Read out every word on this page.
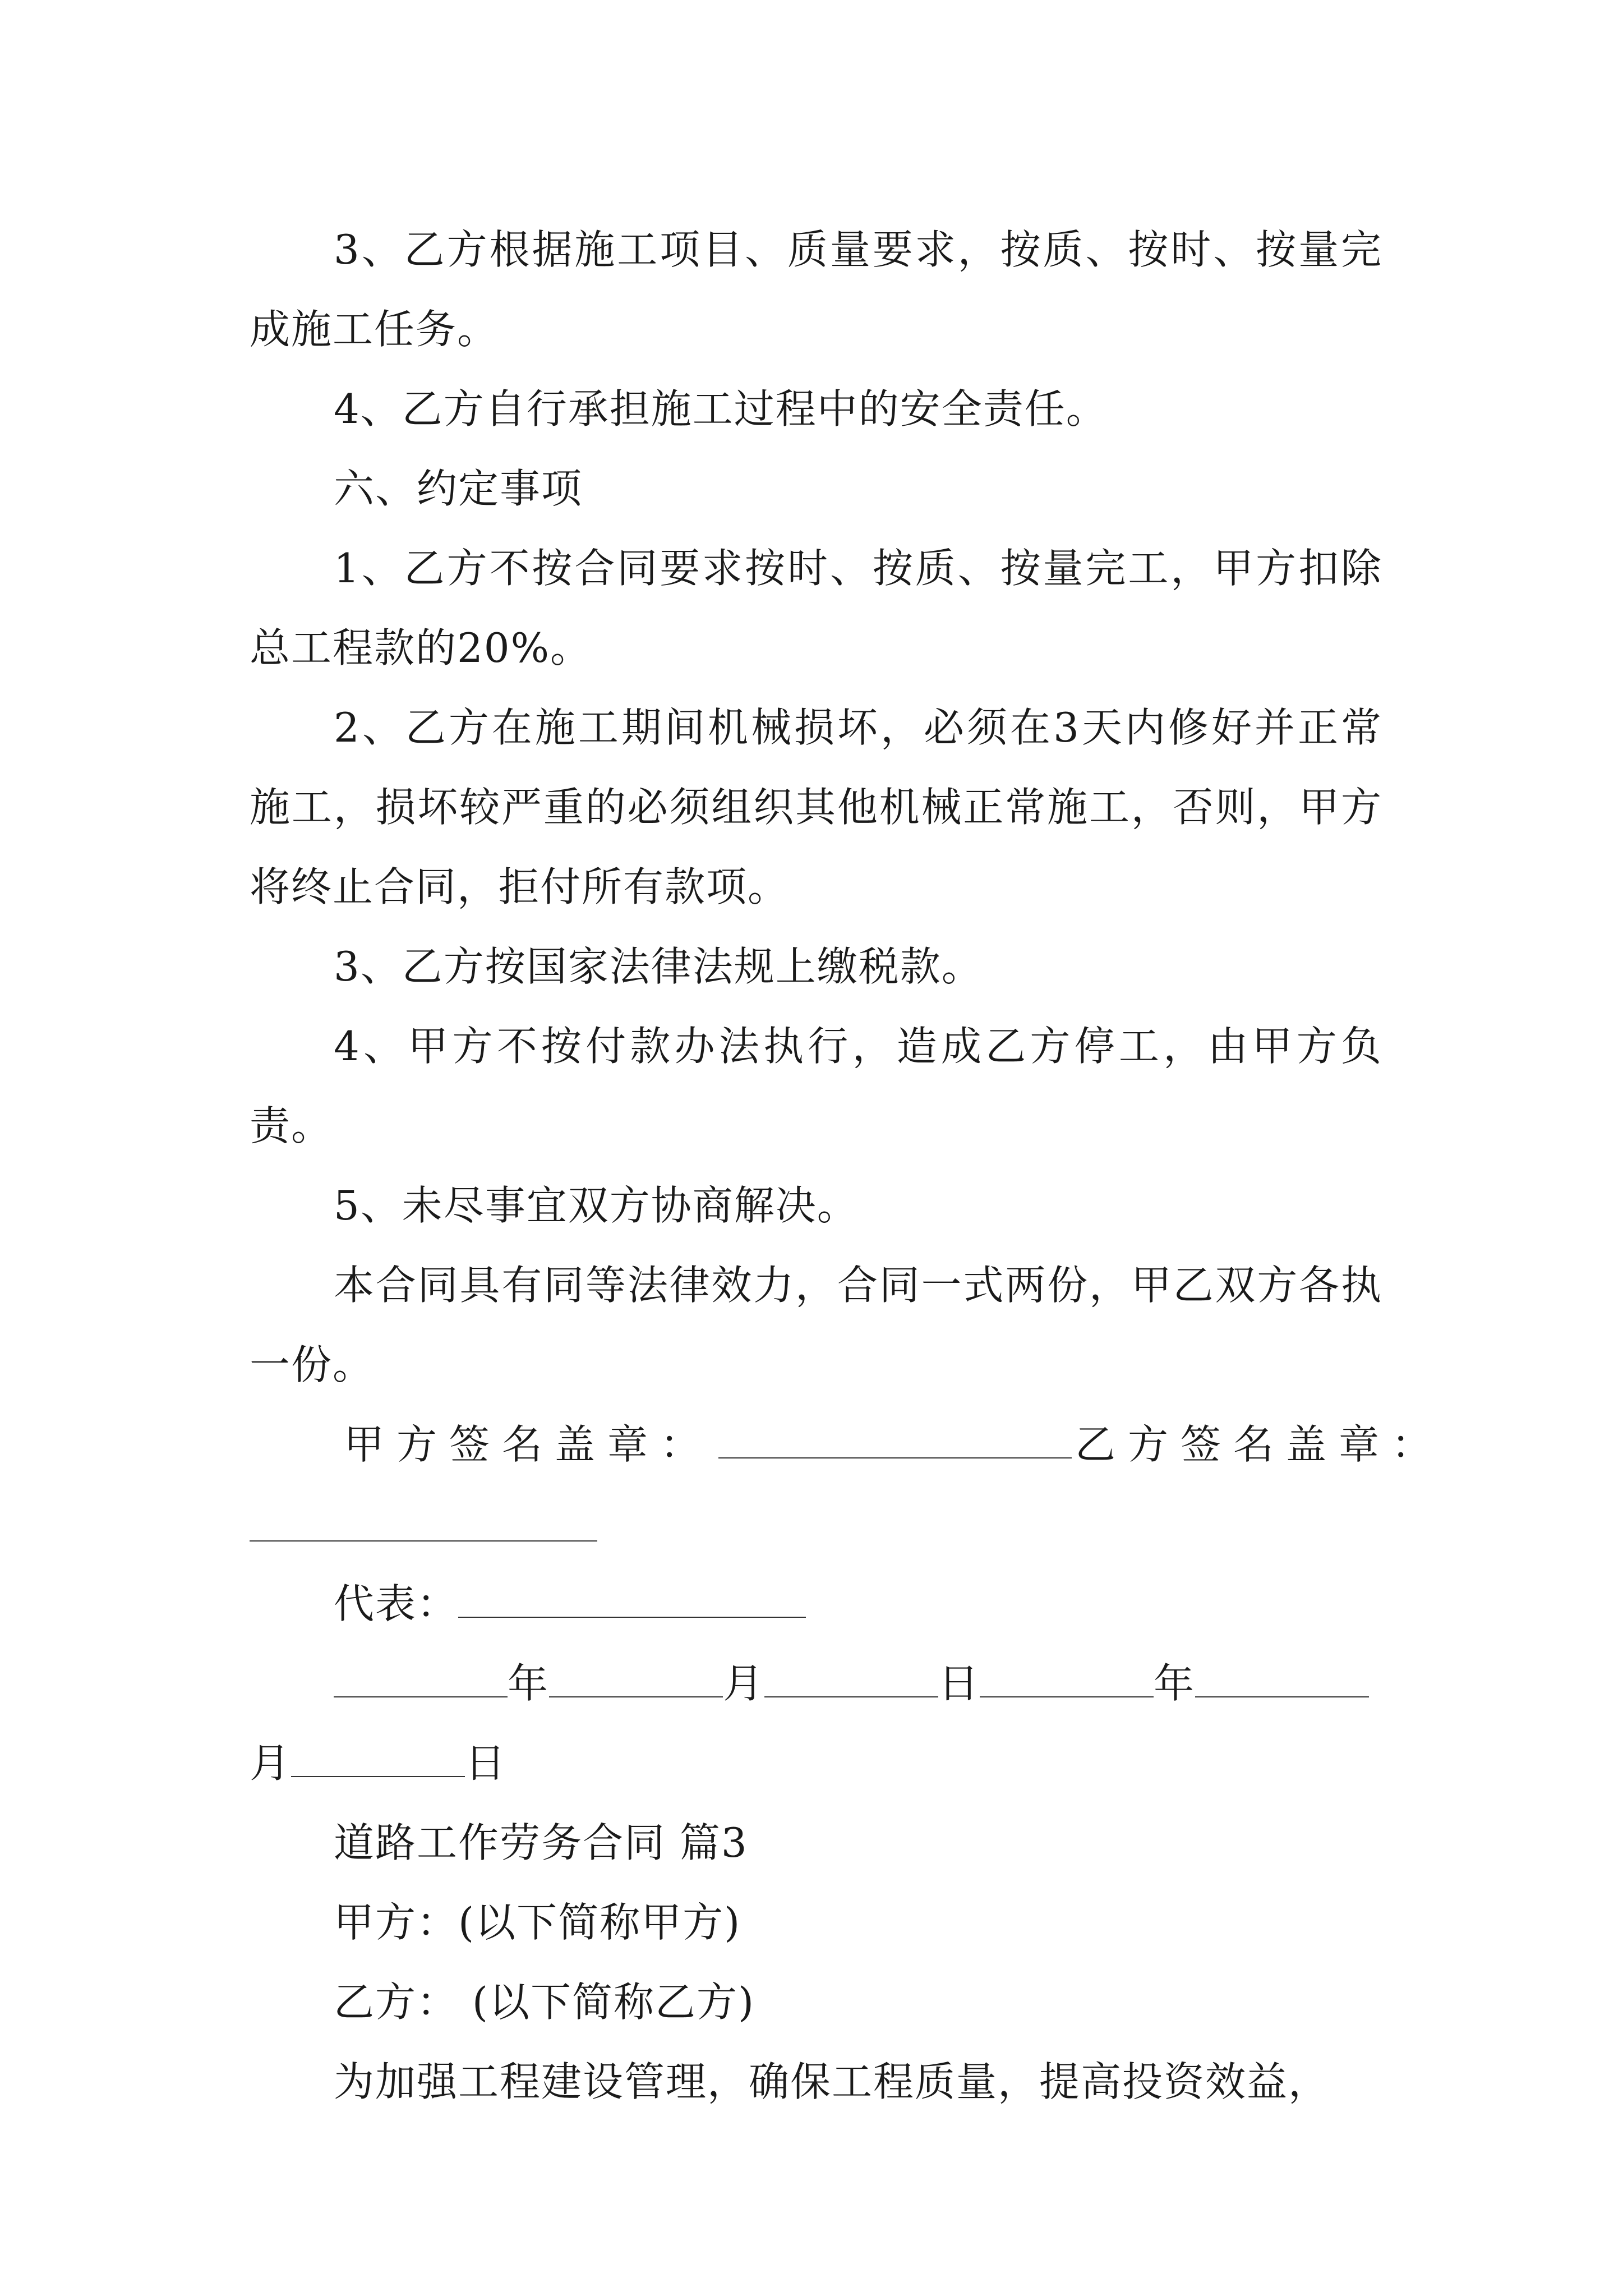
3、乙方根据施工项目、质量要求，按质、按时、按量完成施工任务。

4、乙方自行承担施工过程中的安全责任。

六、约定事项

1、乙方不按合同要求按时、按质、按量完工，甲方扣除总工程款的20%。

2、乙方在施工期间机械损坏，必须在3天内修好并正常施工，损坏较严重的必须组织其他机械正常施工，否则，甲方将终止合同，拒付所有款项。

3、乙方按国家法律法规上缴税款。

4、甲方不按付款办法执行，造成乙方停工，由甲方负责。

5、未尽事宜双方协商解决。

本合同具有同等法律效力，合同一式两份，甲乙双方各执一份。

甲方签名盖章：	乙方签名盖章：

代表：

年	月	日	年

月	日

道路工作劳务合同 篇3

甲方：(以下简称甲方)

乙方： (以下简称乙方)

为加强工程建设管理，确保工程质量，提高投资效益，
